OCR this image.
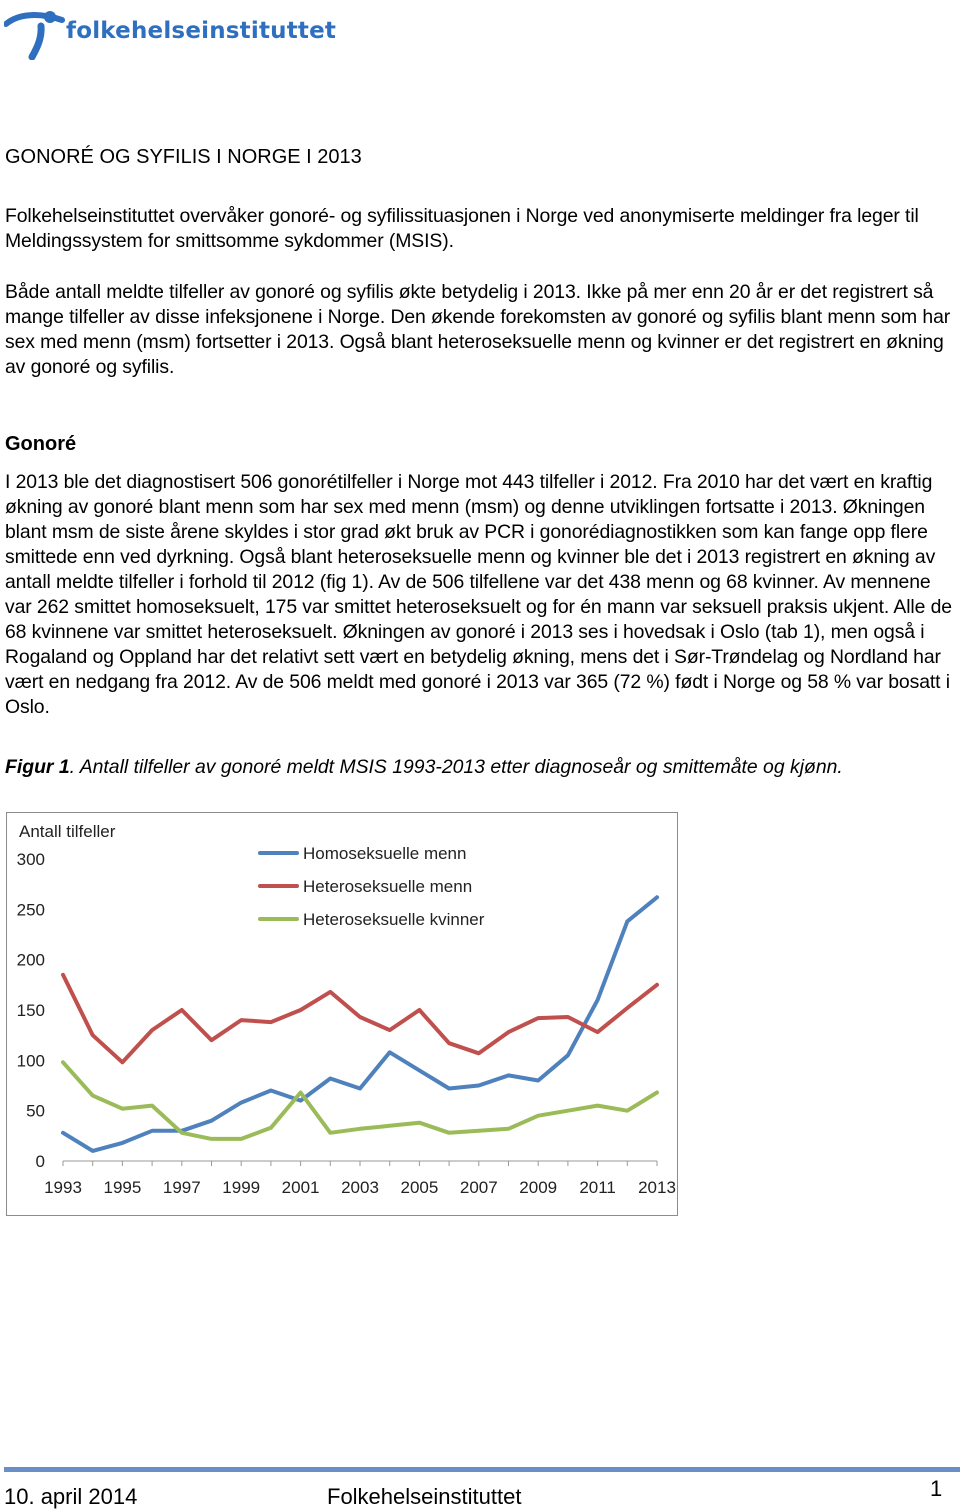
folkehelseinstituttet
GONORÉ OG SYFILIS I NORGE I 2013

Folkehelseinstituttet overvåker gonoré- og syfilissituasjonen i Norge ved anonymiserte meldinger fra leger til Meldingssystem for smittsomme sykdommer (MSIS).

Både antall meldte tilfeller av gonoré og syfilis økte betydelig i 2013. Ikke på mer enn 20 år er det registrert så mange tilfeller av disse infeksjonene i Norge. Den økende forekomsten av gonoré og syfilis blant menn som har sex med menn (msm) fortsetter i 2013. Også blant heteroseksuelle menn og kvinner er det registrert en økning av gonoré og syfilis.

Gonoré

I 2013 ble det diagnostisert 506 gonorétilfeller i Norge mot 443 tilfeller i 2012. Fra 2010 har det vært en kraftig økning av gonoré blant menn som har sex med menn (msm) og denne utviklingen fortsatte i 2013. Økningen blant msm de siste årene skyldes i stor grad økt bruk av PCR i gonorédiagnostikken som kan fange opp flere smittede enn ved dyrkning. Også blant heteroseksuelle menn og kvinner ble det i 2013 registrert en økning av antall meldte tilfeller i forhold til 2012 (fig 1). Av de 506 tilfellene var det 438 menn og 68 kvinner. Av mennene var 262 smittet homoseksuelt, 175 var smittet heteroseksuelt og for én mann var seksuell praksis ukjent. Alle de 68 kvinnene var smittet heteroseksuelt. Økningen av gonoré i 2013 ses i hovedsak i Oslo (tab 1), men også i Rogaland og Oppland har det relativt sett vært en betydelig økning, mens det i Sør-Trøndelag og Nordland har vært en nedgang fra 2012. Av de 506 meldt med gonoré i 2013 var 365 (72 %) født i Norge og 58 % var bosatt i Oslo.

Figur 1. Antall tilfeller av gonoré meldt MSIS 1993-2013 etter diagnoseår og smittemåte og kjønn.

Antall tilfeller
0
50
100
150
200
250
300
1993 1995 1997 1999 2001 2003 2005 2007 2009 2011 2013
Homoseksuelle menn
Heteroseksuelle menn
Heteroseksuelle kvinner
10. april 2014	Folkehelseinstituttet	1
